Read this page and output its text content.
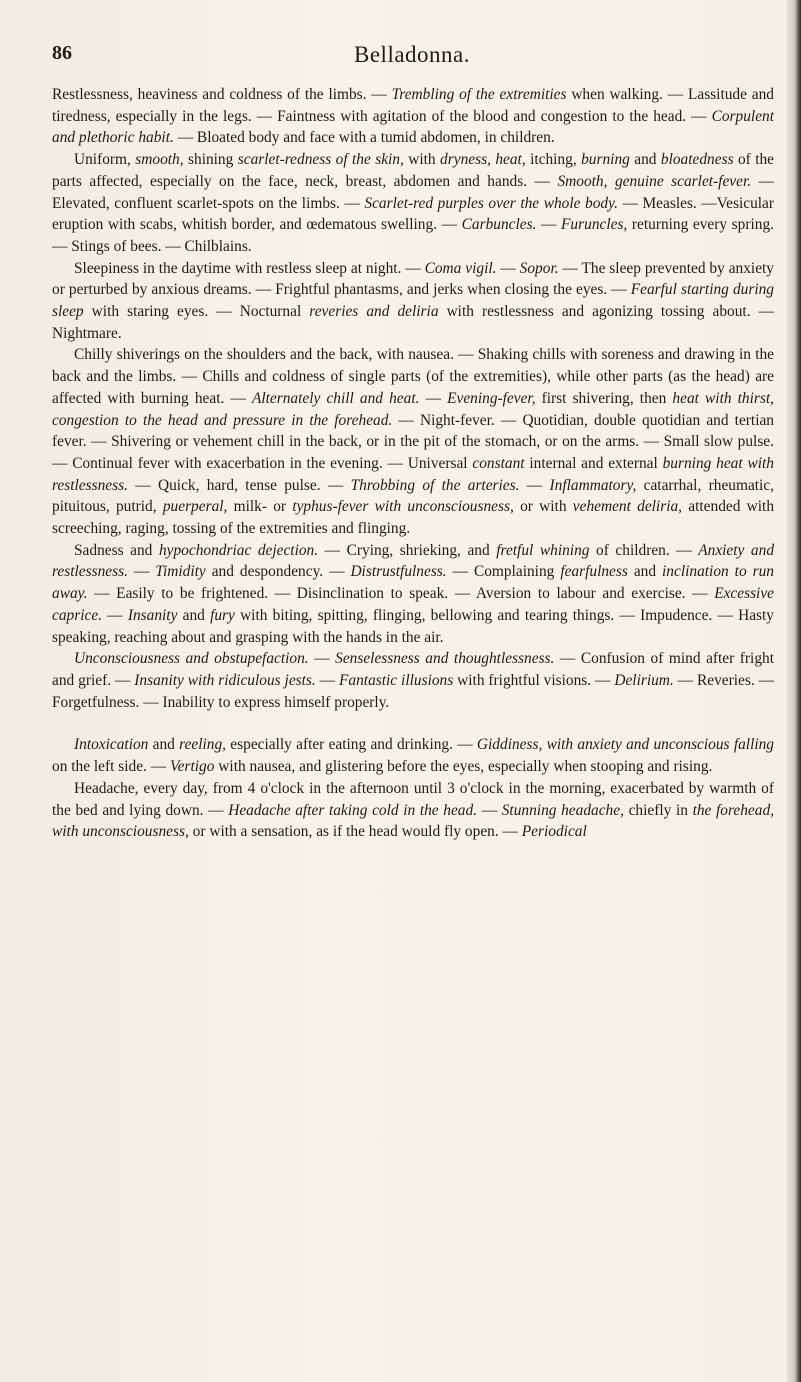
86	Belladonna.

Restlessness, heaviness and coldness of the limbs. — Trembling of the extremities when walking. — Lassitude and tiredness, especially in the legs. — Faintness with agitation of the blood and congestion to the head. — Corpulent and plethoric habit. — Bloated body and face with a tumid abdomen, in children.

Uniform, smooth, shining scarlet-redness of the skin, with dryness, heat, itching, burning and bloatedness of the parts affected, especially on the face, neck, breast, abdomen and hands. — Smooth, genuine scarlet-fever. — Elevated, confluent scarlet-spots on the limbs. — Scarlet-red purples over the whole body. — Measles. —Vesicular eruption with scabs, whitish border, and œdematous swelling. — Carbuncles. — Furuncles, returning every spring. — Stings of bees. — Chilblains.

Sleepiness in the daytime with restless sleep at night. — Coma vigil. — Sopor. — The sleep prevented by anxiety or perturbed by anxious dreams. — Frightful phantasms, and jerks when closing the eyes. — Fearful starting during sleep with staring eyes. — Nocturnal reveries and deliria with restlessness and agonizing tossing about. — Nightmare.

Chilly shiverings on the shoulders and the back, with nausea. — Shaking chills with soreness and drawing in the back and the limbs. — Chills and coldness of single parts (of the extremities), while other parts (as the head) are affected with burning heat. — Alternately chill and heat. — Evening-fever, first shivering, then heat with thirst, congestion to the head and pressure in the forehead. — Night-fever. — Quotidian, double quotidian and tertian fever. — Shivering or vehement chill in the back, or in the pit of the stomach, or on the arms. — Small slow pulse. — Continual fever with exacerbation in the evening. — Universal constant internal and external burning heat with restlessness. — Quick, hard, tense pulse. — Throbbing of the arteries. — Inflammatory, catarrhal, rheumatic, pituitous, putrid, puerperal, milk- or typhus-fever with unconsciousness, or with vehement deliria, attended with screeching, raging, tossing of the extremities and flinging.

Sadness and hypochondriac dejection. — Crying, shrieking, and fretful whining of children. — Anxiety and restlessness. — Timidity and despondency. — Distrustfulness. — Complaining fearfulness and inclination to run away. — Easily to be frightened. — Disinclination to speak. — Aversion to labour and exercise. — Excessive caprice. — Insanity and fury with biting, spitting, flinging, bellowing and tearing things. — Impudence. — Hasty speaking, reaching about and grasping with the hands in the air.

Unconsciousness and obstupefaction. — Senselessness and thoughtlessness. — Confusion of mind after fright and grief. — Insanity with ridiculous jests. — Fantastic illusions with frightful visions. — Delirium. — Reveries. — Forgetfulness. — Inability to express himself properly.

Intoxication and reeling, especially after eating and drinking. — Giddiness, with anxiety and unconscious falling on the left side. — Vertigo with nausea, and glistering before the eyes, especially when stooping and rising.

Headache, every day, from 4 o'clock in the afternoon until 3 o'clock in the morning, exacerbated by warmth of the bed and lying down. — Headache after taking cold in the head. — Stunning headache, chiefly in the forehead, with unconsciousness, or with a sensation, as if the head would fly open. — Periodical
